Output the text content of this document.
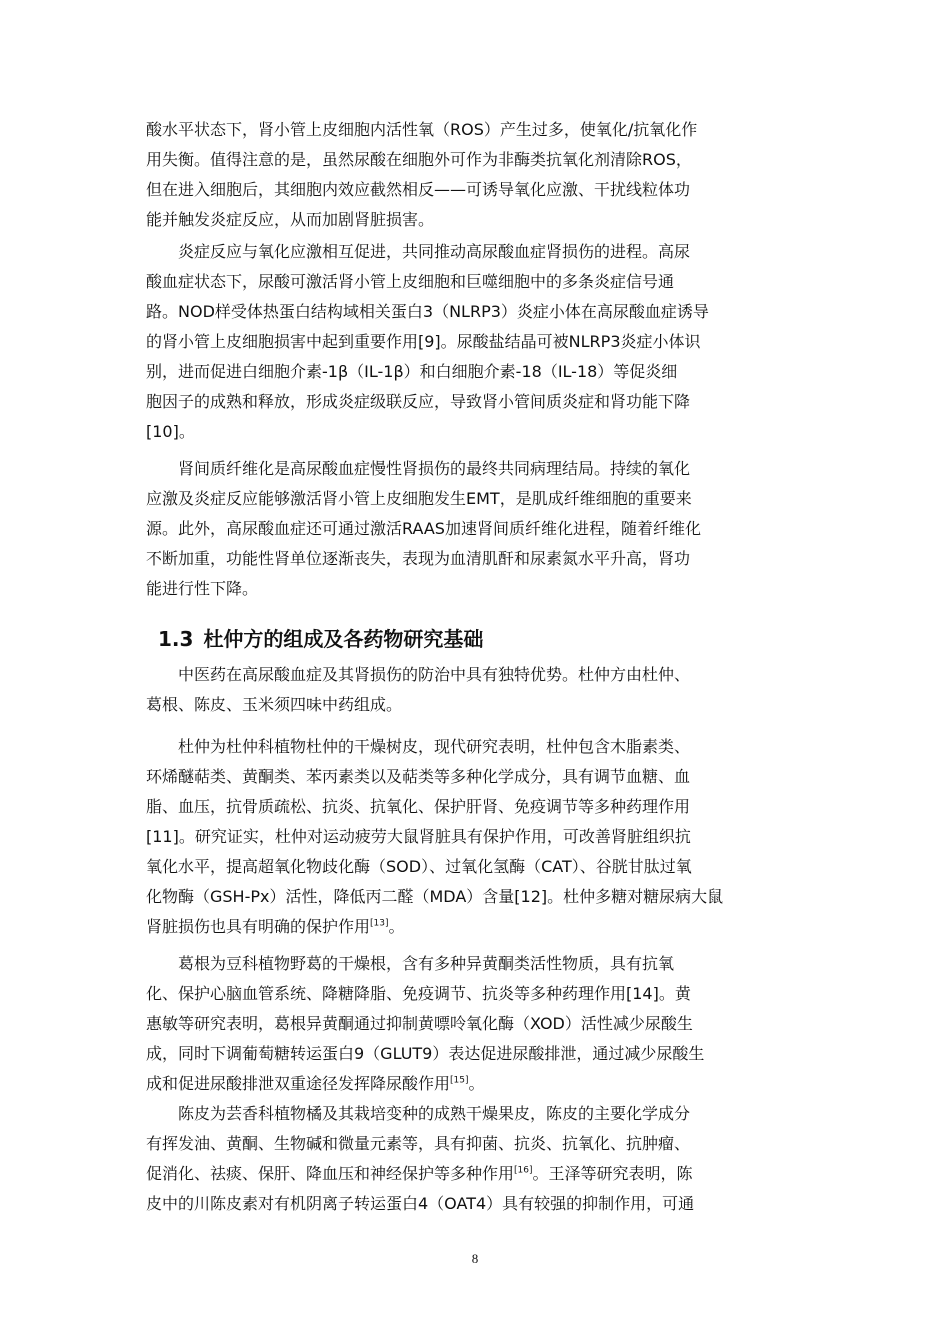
酸水平状态下，肾小管上皮细胞内活性氧（ROS）产生过多，使氧化/抗氧化作
用失衡。值得注意的是，虽然尿酸在细胞外可作为非酶类抗氧化剂清除ROS，
但在进入细胞后，其细胞内效应截然相反——可诱导氧化应激、干扰线粒体功
能并触发炎症反应，从而加剧肾脏损害。
炎症反应与氧化应激相互促进，共同推动高尿酸血症肾损伤的进程。高尿
酸血症状态下，尿酸可激活肾小管上皮细胞和巨噬细胞中的多条炎症信号通
路。NOD样受体热蛋白结构域相关蛋白3（NLRP3）炎症小体在高尿酸血症诱导
的肾小管上皮细胞损害中起到重要作用[9]。尿酸盐结晶可被NLRP3炎症小体识
别，进而促进白细胞介素-1β（IL-1β）和白细胞介素-18（IL-18）等促炎细
胞因子的成熟和释放，形成炎症级联反应，导致肾小管间质炎症和肾功能下降
[10]。
肾间质纤维化是高尿酸血症慢性肾损伤的最终共同病理结局。持续的氧化
应激及炎症反应能够激活肾小管上皮细胞发生EMT，是肌成纤维细胞的重要来
源。此外，高尿酸血症还可通过激活RAAS加速肾间质纤维化进程，随着纤维化
不断加重，功能性肾单位逐渐丧失，表现为血清肌酐和尿素氮水平升高，肾功
能进行性下降。
1.3 杜仲方的组成及各药物研究基础
中医药在高尿酸血症及其肾损伤的防治中具有独特优势。杜仲方由杜仲、
葛根、陈皮、玉米须四味中药组成。
杜仲为杜仲科植物杜仲的干燥树皮，现代研究表明，杜仲包含木脂素类、
环烯醚萜类、黄酮类、苯丙素类以及萜类等多种化学成分，具有调节血糖、血
脂、血压，抗骨质疏松、抗炎、抗氧化、保护肝肾、免疫调节等多种药理作用
[11]。研究证实，杜仲对运动疲劳大鼠肾脏具有保护作用，可改善肾脏组织抗
氧化水平，提高超氧化物歧化酶（SOD）、过氧化氢酶（CAT）、谷胱甘肽过氧
化物酶（GSH-Px）活性，降低丙二醛（MDA）含量[12]。杜仲多糖对糖尿病大鼠
肾脏损伤也具有明确的保护作用[13]。
葛根为豆科植物野葛的干燥根，含有多种异黄酮类活性物质，具有抗氧
化、保护心脑血管系统、降糖降脂、免疫调节、抗炎等多种药理作用[14]。黄
惠敏等研究表明，葛根异黄酮通过抑制黄嘌呤氧化酶（XOD）活性减少尿酸生
成，同时下调葡萄糖转运蛋白9（GLUT9）表达促进尿酸排泄，通过减少尿酸生
成和促进尿酸排泄双重途径发挥降尿酸作用[15]。
陈皮为芸香科植物橘及其栽培变种的成熟干燥果皮，陈皮的主要化学成分
有挥发油、黄酮、生物碱和微量元素等，具有抑菌、抗炎、抗氧化、抗肿瘤、
促消化、祛痰、保肝、降血压和神经保护等多种作用[16]。王泽等研究表明，陈
皮中的川陈皮素对有机阴离子转运蛋白4（OAT4）具有较强的抑制作用，可通
8
